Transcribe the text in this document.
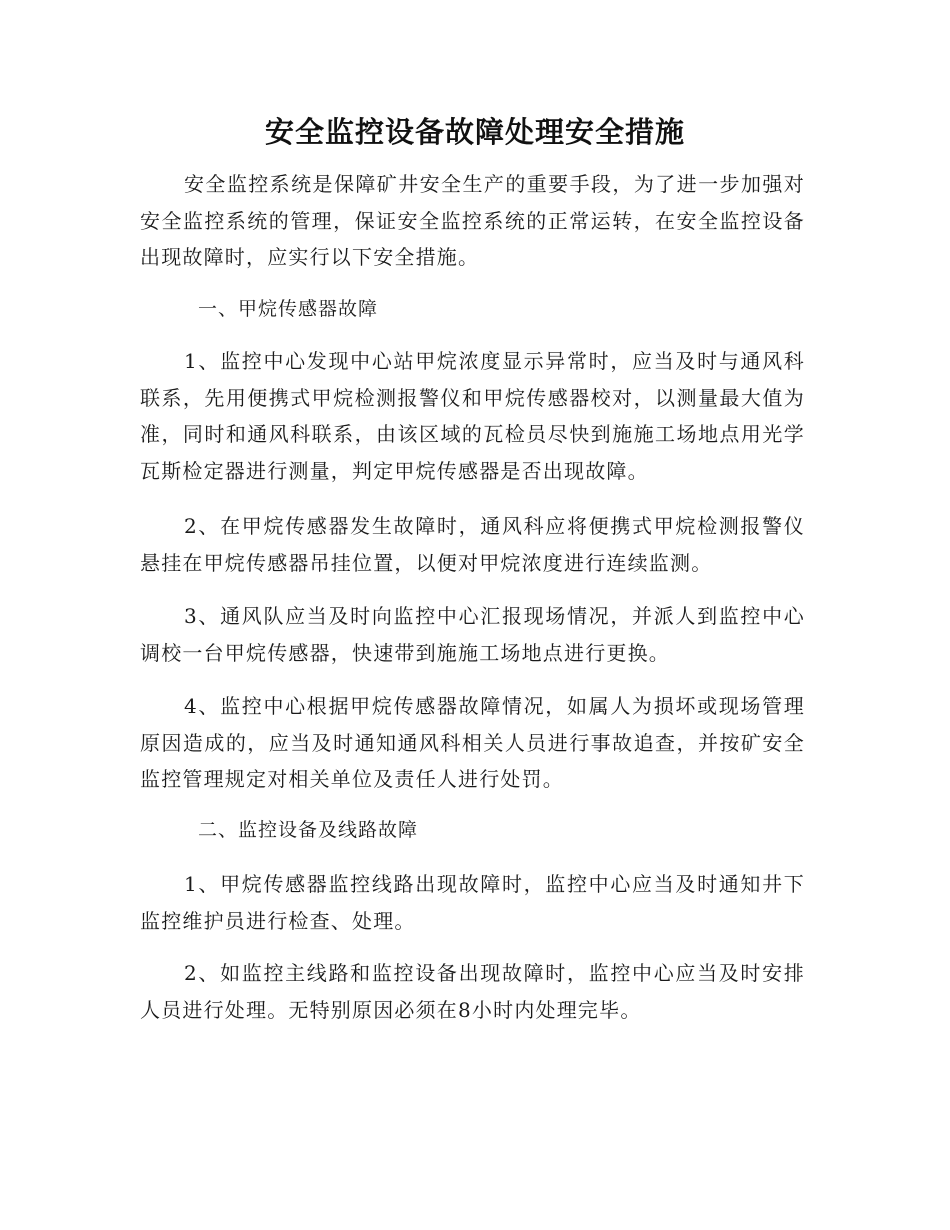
安全监控设备故障处理安全措施
安全监控系统是保障矿井安全生产的重要手段，为了进一步加强对安全监控系统的管理，保证安全监控系统的正常运转，在安全监控设备出现故障时，应实行以下安全措施。
一、甲烷传感器故障
1、监控中心发现中心站甲烷浓度显示异常时，应当及时与通风科联系，先用便携式甲烷检测报警仪和甲烷传感器校对，以测量最大值为准，同时和通风科联系，由该区域的瓦检员尽快到施施工场地点用光学瓦斯检定器进行测量，判定甲烷传感器是否出现故障。
2、在甲烷传感器发生故障时，通风科应将便携式甲烷检测报警仪悬挂在甲烷传感器吊挂位置，以便对甲烷浓度进行连续监测。
3、通风队应当及时向监控中心汇报现场情况，并派人到监控中心调校一台甲烷传感器，快速带到施施工场地点进行更换。
4、监控中心根据甲烷传感器故障情况，如属人为损坏或现场管理原因造成的，应当及时通知通风科相关人员进行事故追查，并按矿安全监控管理规定对相关单位及责任人进行处罚。
二、监控设备及线路故障
1、甲烷传感器监控线路出现故障时，监控中心应当及时通知井下监控维护员进行检查、处理。
2、如监控主线路和监控设备出现故障时，监控中心应当及时安排人员进行处理。无特别原因必须在8小时内处理完毕。
